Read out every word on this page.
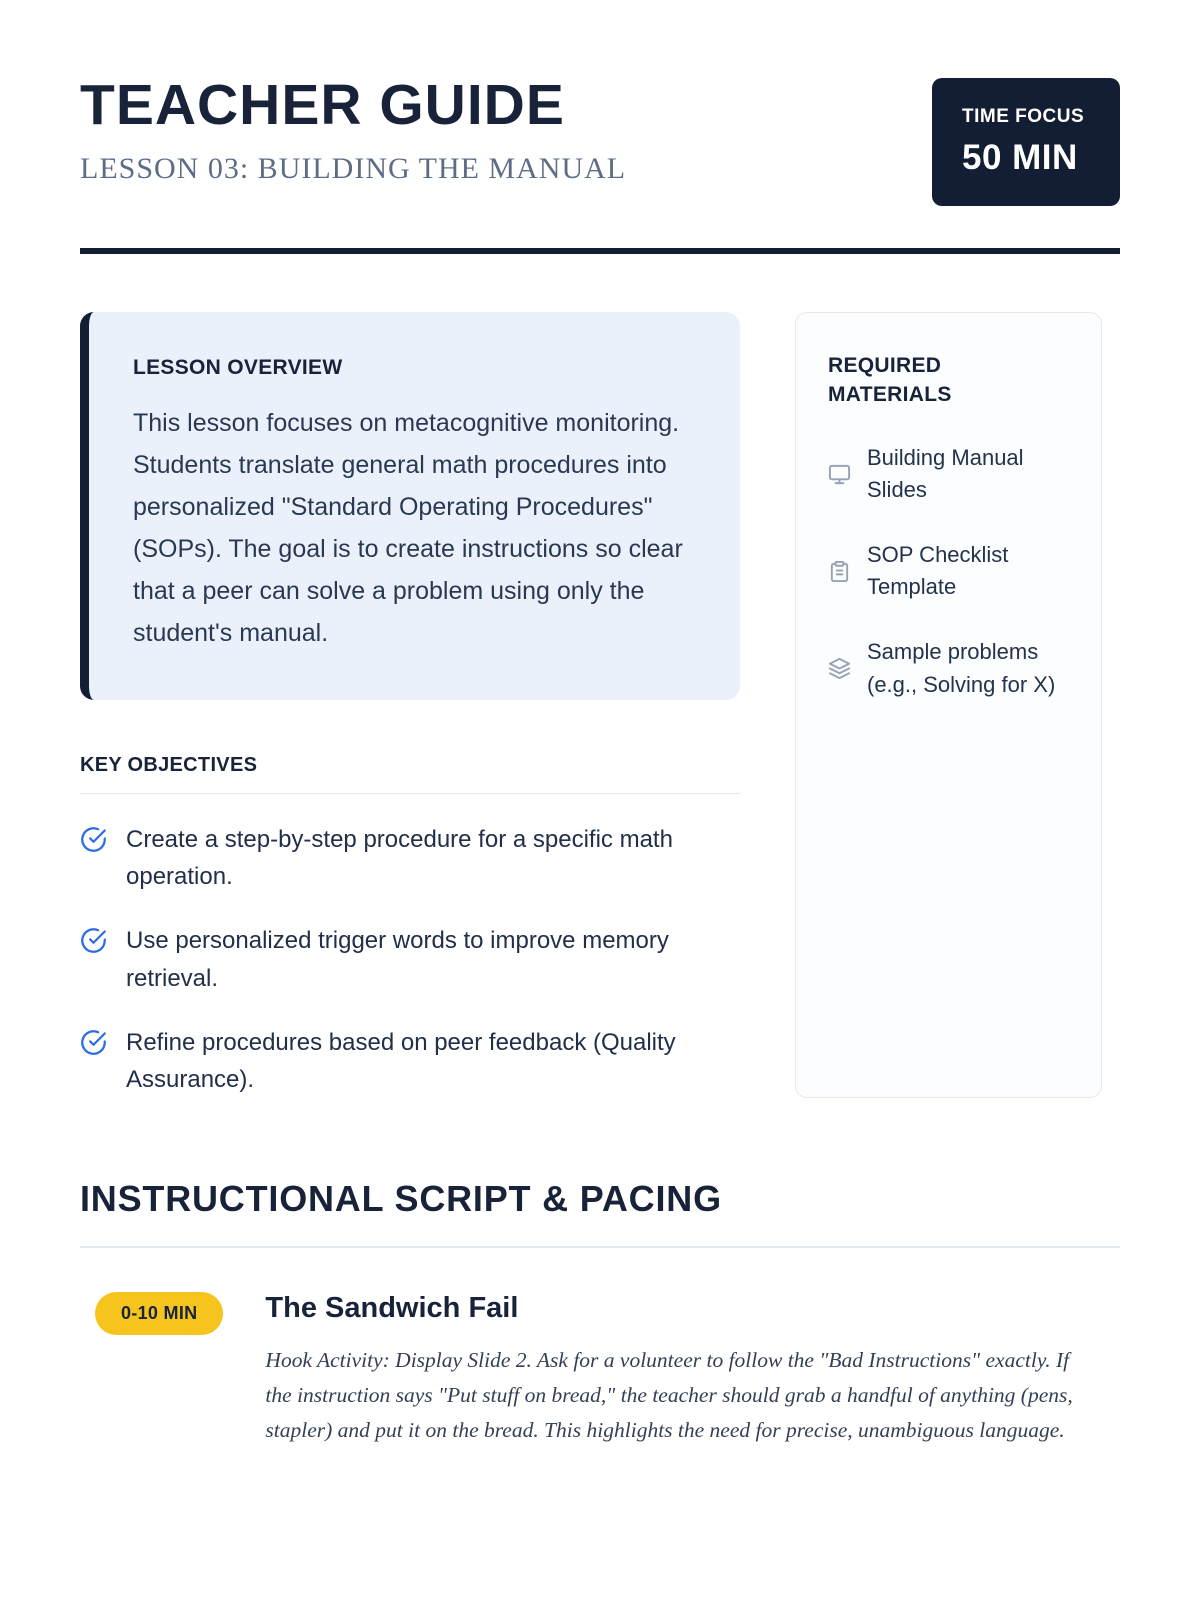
TEACHER GUIDE
LESSON 03: BUILDING THE MANUAL
TIME FOCUS
50 MIN
LESSON OVERVIEW
This lesson focuses on metacognitive monitoring. Students translate general math procedures into personalized "Standard Operating Procedures" (SOPs). The goal is to create instructions so clear that a peer can solve a problem using only the student's manual.
KEY OBJECTIVES
Create a step-by-step procedure for a specific math operation.
Use personalized trigger words to improve memory retrieval.
Refine procedures based on peer feedback (Quality Assurance).
REQUIRED MATERIALS
Building Manual Slides
SOP Checklist Template
Sample problems (e.g., Solving for X)
INSTRUCTIONAL SCRIPT & PACING
0-10 MIN	The Sandwich Fail
Hook Activity: Display Slide 2. Ask for a volunteer to follow the "Bad Instructions" exactly. If the instruction says "Put stuff on bread," the teacher should grab a handful of anything (pens, stapler) and put it on the bread. This highlights the need for precise, unambiguous language.
